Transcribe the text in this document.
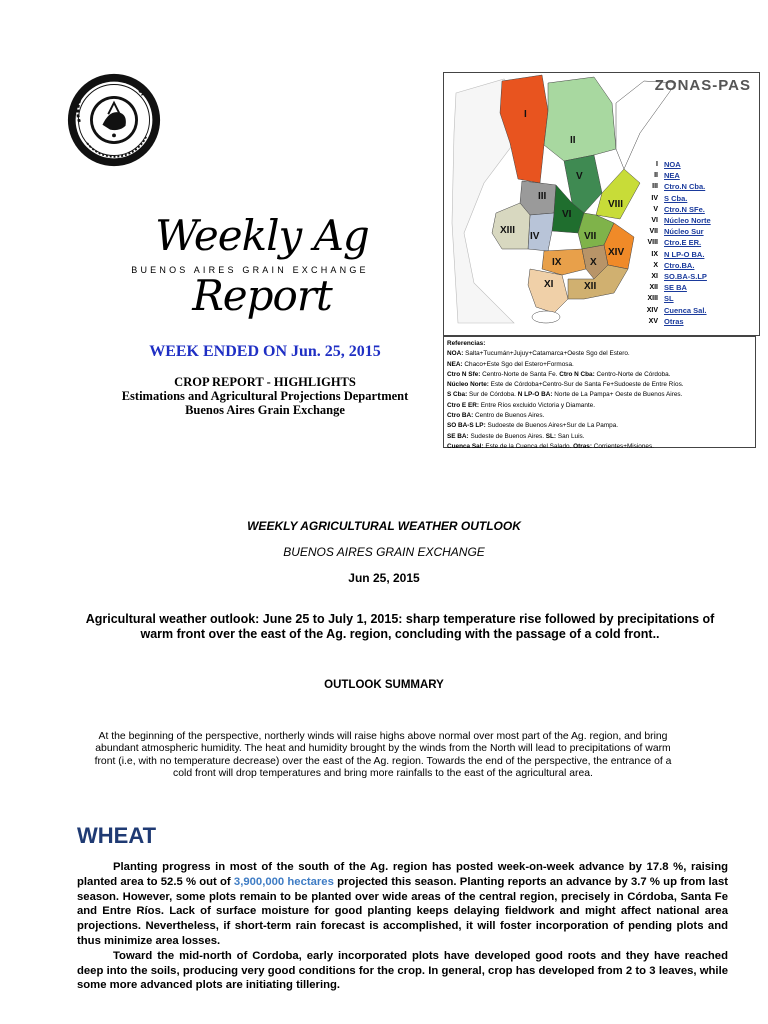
Weekly Ag Report
BUENOS AIRES GRAIN EXCHANGE
WEEK ENDED ON Jun. 25, 2015
CROP REPORT - HIGHLIGHTS
Estimations and Agricultural Projections Department
Buenos Aires Grain Exchange
I
II
III
IV
V
VI
VII
VIII
IX	X
XI	XII
XIII
XIV
ZONAS-PAS
I NOA
II NEA
III Ctro.N Cba.
IV S Cba.
V Ctro.N SFe.
VI Núcleo Norte
VII Núcleo Sur
VIII Ctro.E ER.
IX N LP-O BA.
X Ctro.BA.
XI SO.BA-S.LP
XII SE BA
XIII SL
XIV Cuenca Sal.
XV Otras
Referencias:
NOA: Salta+Tucumán+Jujuy+Catamarca+Oeste Sgo del Estero.
NEA: Chaco+Este Sgo del Estero+Formosa.
Ctro N Sfe: Centro-Norte de Santa Fe. Ctro N Cba: Centro-Norte de Córdoba.
Núcleo Norte: Este de Córdoba+Centro-Sur de Santa Fe+Sudoeste de Entre Ríos.
S Cba: Sur de Córdoba. N LP-O BA: Norte de La Pampa+ Oeste de Buenos Aires.
Ctro E ER: Entre Ríos excluido Victoria y Diamante.
Ctro BA: Centro de Buenos Aires.
SO BA-S LP: Sudoeste de Buenos Aires+Sur de La Pampa.
SE BA: Sudeste de Buenos Aires. SL: San Luis.
Cuenca Sal: Este de la Cuenca del Salado. Otras: Corrientes+Misiones.
WEEKLY AGRICULTURAL WEATHER OUTLOOK
BUENOS AIRES GRAIN EXCHANGE
Jun 25, 2015
Agricultural weather outlook: June 25 to July 1, 2015: sharp temperature rise followed by precipitations of warm front over the east of the Ag. region, concluding with the passage of a cold front..
OUTLOOK SUMMARY
At the beginning of the perspective, northerly winds will raise highs above normal over most part of the Ag. region, and bring abundant atmospheric humidity. The heat and humidity brought by the winds from the North will lead to precipitations of warm front (i.e, with no temperature decrease) over the east of the Ag. region. Towards the end of the perspective, the entrance of a cold front will drop temperatures and bring more rainfalls to the east of the agricultural area.
WHEAT

Planting progress in most of the south of the Ag. region has posted week-on-week advance by 17.8 %, raising planted area to 52.5 % out of 3,900,000 hectares projected this season. Planting reports an advance by 3.7 % up from last season. However, some plots remain to be planted over wide areas of the central region, precisely in Córdoba, Santa Fe and Entre Ríos. Lack of surface moisture for good planting keeps delaying fieldwork and might affect national area projections. Nevertheless, if short-term rain forecast is accomplished, it will foster incorporation of pending plots and thus minimize area losses.

Toward the mid-north of Cordoba, early incorporated plots have developed good roots and they have reached deep into the soils, producing very good conditions for the crop. In general, crop has developed from 2 to 3 leaves, while some more advanced plots are initiating tillering.
